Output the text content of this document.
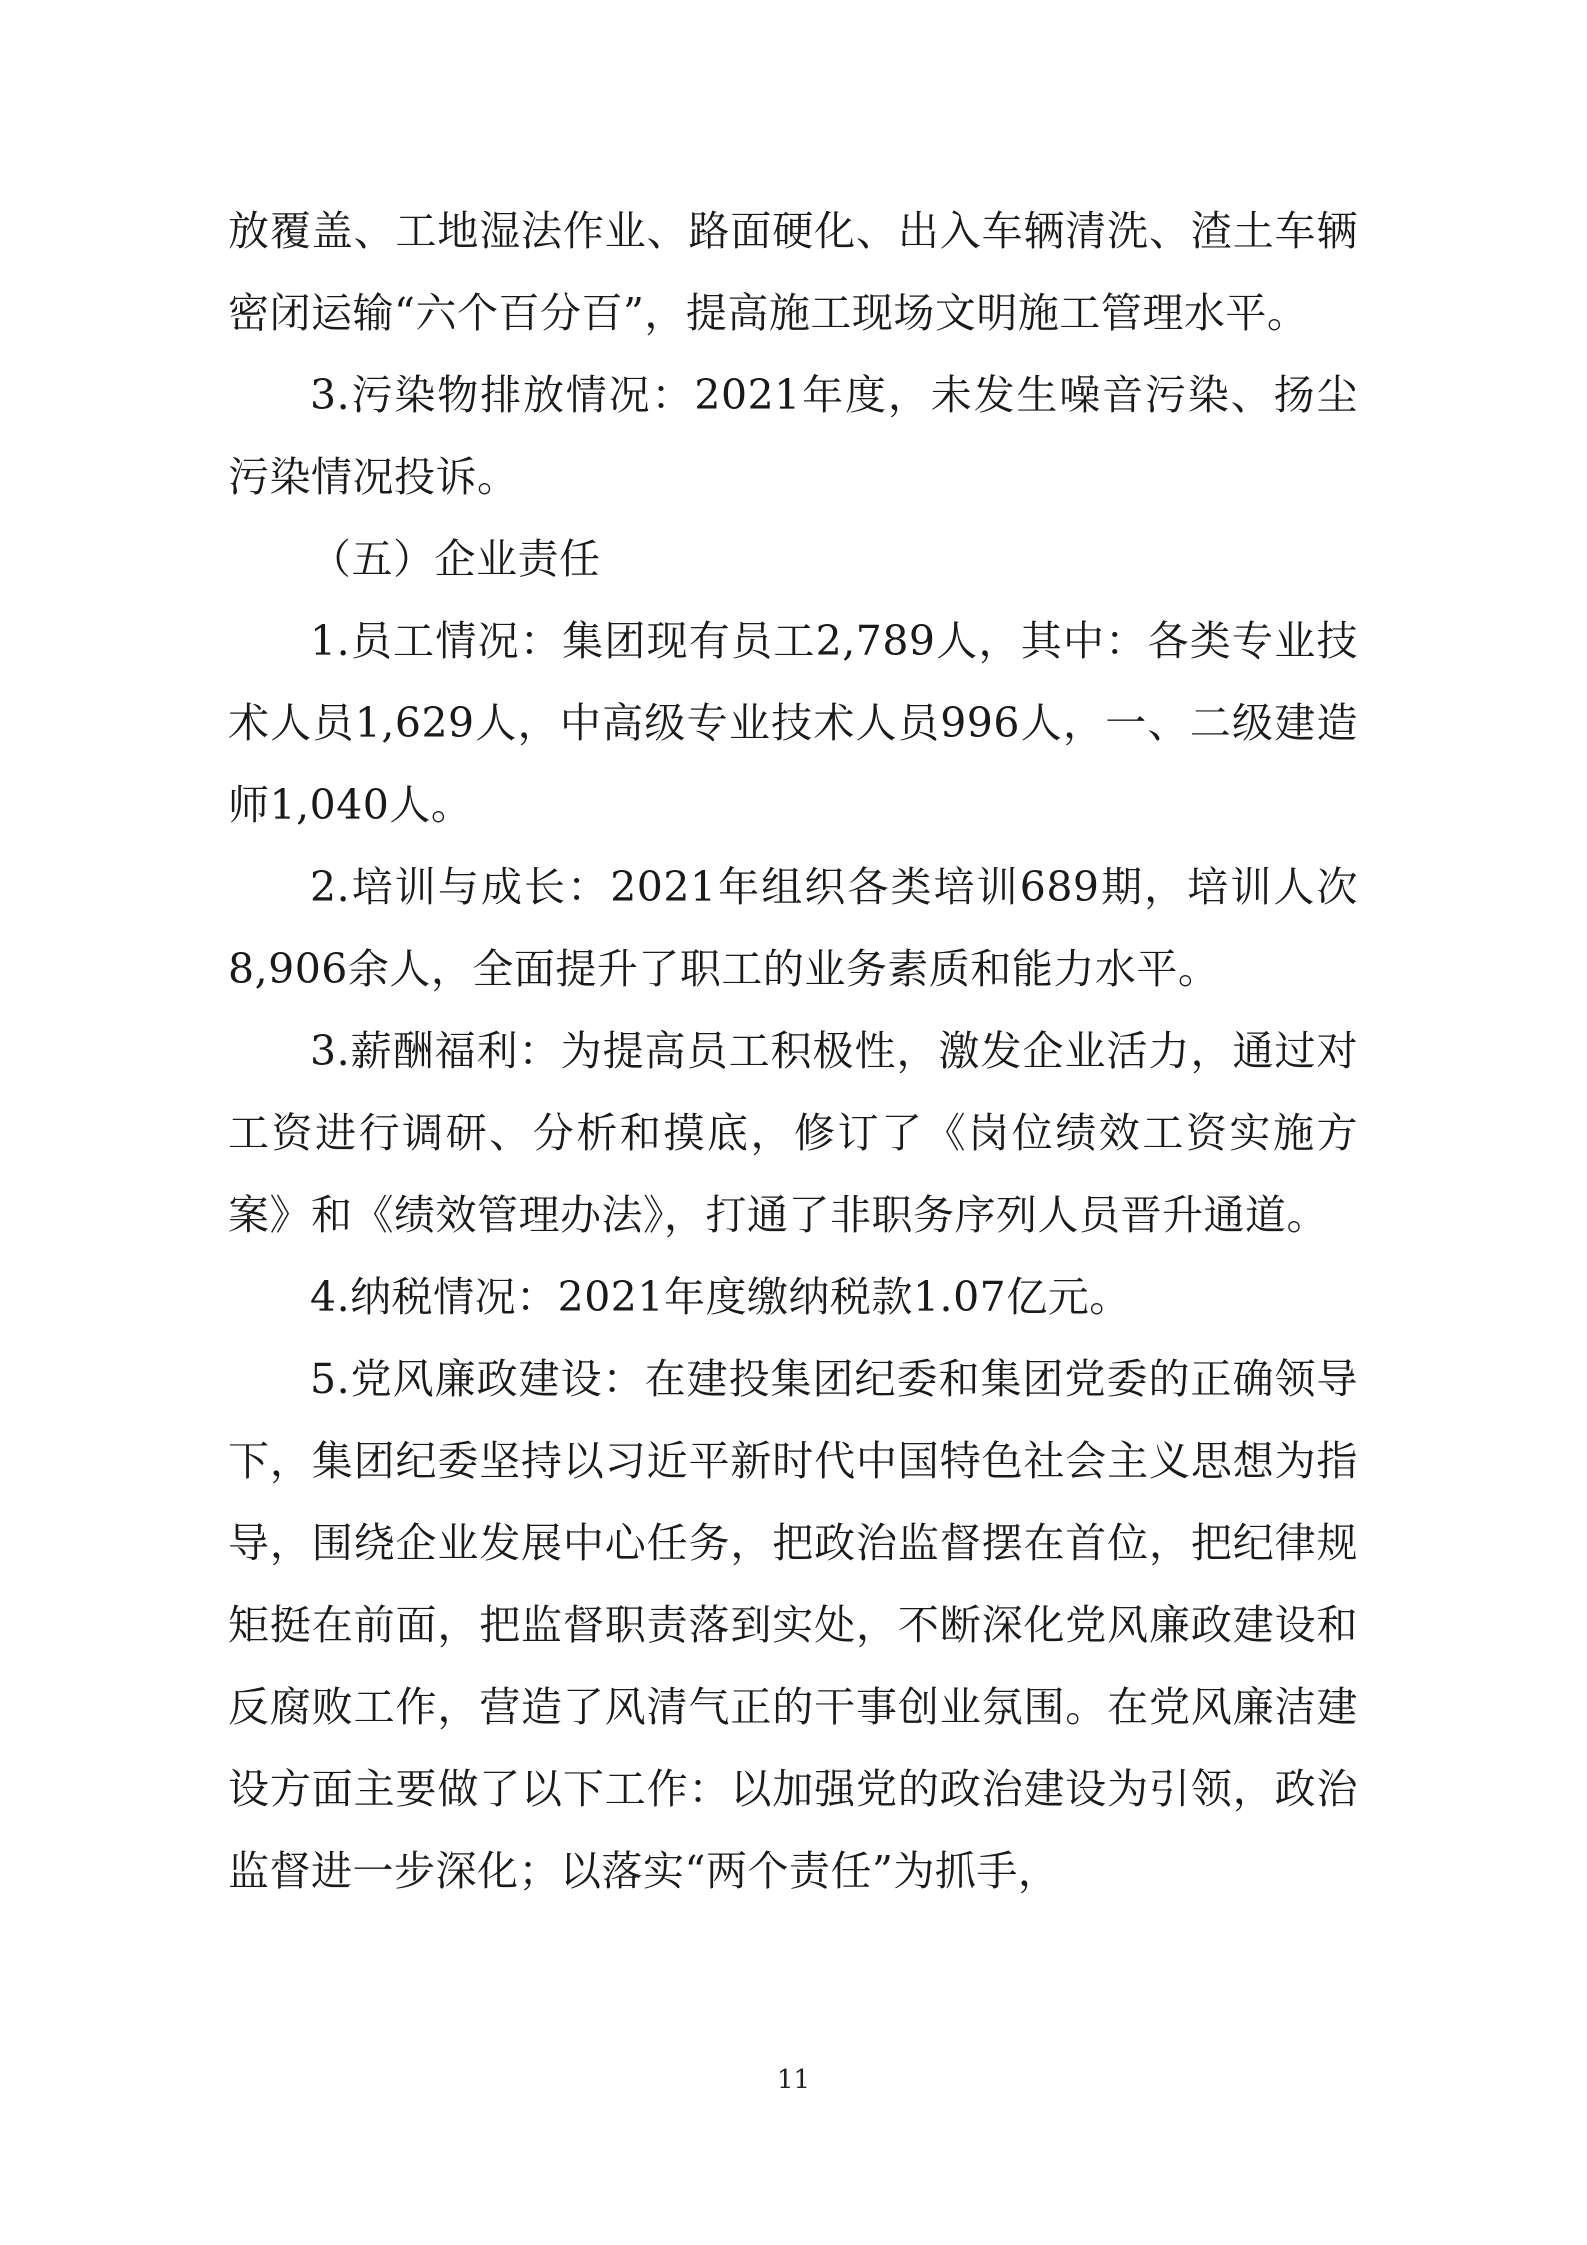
放覆盖、工地湿法作业、路面硬化、出入车辆清洗、渣土车辆密闭运输“六个百分百”，提高施工现场文明施工管理水平。

3.污染物排放情况：2021年度，未发生噪音污染、扬尘污染情况投诉。

（五）企业责任

1.员工情况：集团现有员工2,789人，其中：各类专业技术人员1,629人，中高级专业技术人员996人，一、二级建造师1,040人。

2.培训与成长：2021年组织各类培训689期，培训人次8,906余人，全面提升了职工的业务素质和能力水平。

3.薪酬福利：为提高员工积极性，激发企业活力，通过对工资进行调研、分析和摸底，修订了《岗位绩效工资实施方案》和《绩效管理办法》，打通了非职务序列人员晋升通道。

4.纳税情况：2021年度缴纳税款1.07亿元。

5.党风廉政建设：在建投集团纪委和集团党委的正确领导下，集团纪委坚持以习近平新时代中国特色社会主义思想为指导，围绕企业发展中心任务，把政治监督摆在首位，把纪律规矩挺在前面，把监督职责落到实处，不断深化党风廉政建设和反腐败工作，营造了风清气正的干事创业氛围。在党风廉洁建设方面主要做了以下工作：以加强党的政治建设为引领，政治监督进一步深化；以落实“两个责任”为抓手，

11
